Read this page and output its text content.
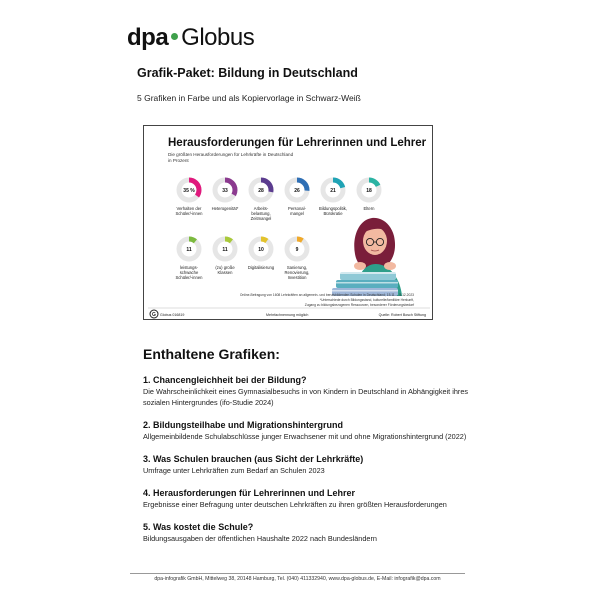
dpa Globus
Grafik-Paket: Bildung in Deutschland
5 Grafiken in Farbe und als Kopiervorlage in Schwarz-Weiß
Herausforderungen für Lehrerinnen und Lehrer
Die größten Herausforderungen für Lehrkräfte in Deutschland
in Prozent
35 %
Verhalten der
Schüler/-innen
33
Heterogenität*
28
Arbeits-
belastung,
Zeitmangel
26
Personal-
mangel
21
Bildungspolitik,
Bürokratie
18
Eltern
11
leistungs-
schwache
Schüler/-innen
11
(zu) große
Klassen
10
Digitalisierung
9
Sanierung,
Renovierung,
Investition
Online-Befragung von 1608 Lehrkräften an allgemein- und berufsbildenden Schulen in Deutschland; 15.11. – 5.12.2023
*Unterschiede durch Bildungsstand, kulturelle/familiäre Herkunft,
Zugang zu bildungsbezogenen Ressourcen, besonderer Förderungsbedarf
G Globus 016819	Mehrfachnennung möglich	Quelle: Robert Bosch Stiftung
Enthaltene Grafiken:
1. Chancengleichheit bei der Bildung?
Die Wahrscheinlichkeit eines Gymnasialbesuchs in von Kindern in Deutschland in Abhängigkeit ihres sozialen Hintergrundes (ifo-Studie 2024)
2. Bildungsteilhabe und Migrationshintergrund
Allgemeinbildende Schulabschlüsse junger Erwachsener mit und ohne Migrationshintergrund (2022)
3. Was Schulen brauchen (aus Sicht der Lehrkräfte)
Umfrage unter Lehrkräften zum Bedarf an Schulen 2023
4. Herausforderungen für Lehrerinnen und Lehrer
Ergebnisse einer Befragung unter deutschen Lehrkräften zu ihren größten Herausforderungen
5. Was kostet die Schule?
Bildungsausgaben der öffentlichen Haushalte 2022 nach Bundesländern
dpa-infografik GmbH, Mittelweg 38, 20148 Hamburg, Tel. (040) 411332940, www.dpa-globus.de, E-Mail: infografik@dpa.com
